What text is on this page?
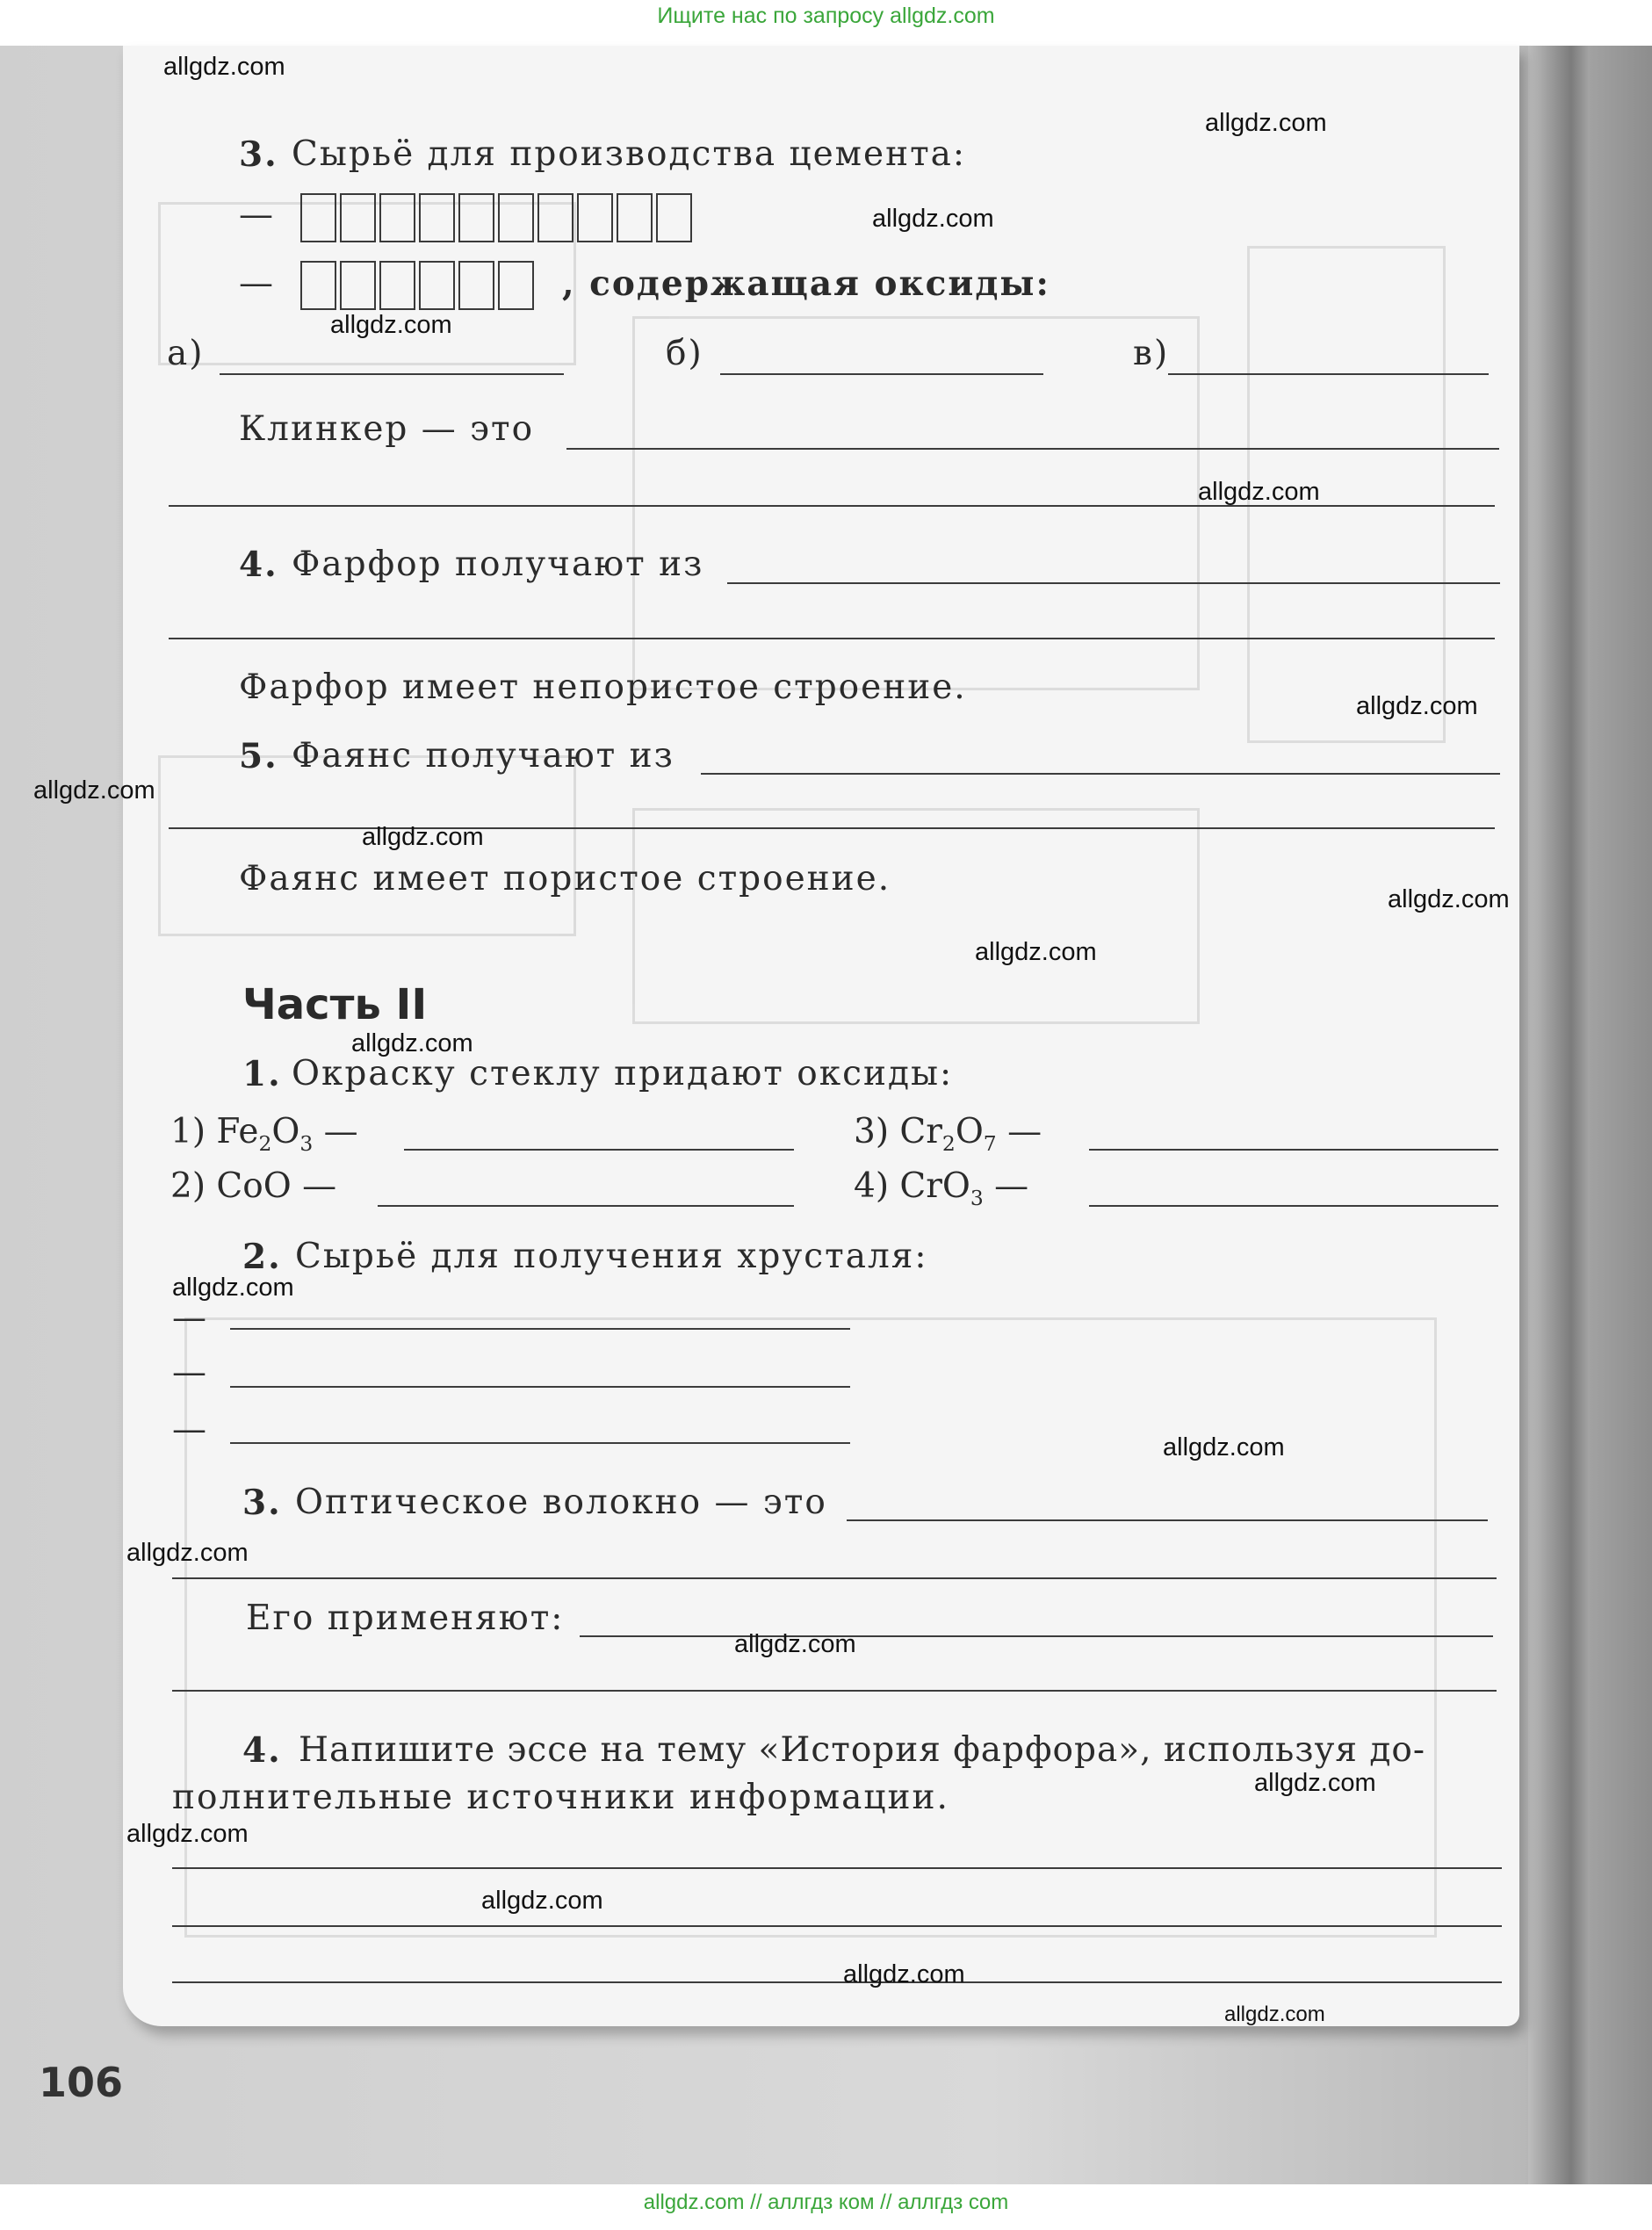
Ищите нас по запросу allgdz.com
106
3. Сырьё для производства цемента:
—
—	, содержащая оксиды:
а)	б)	в)
Клинкер — это
4. Фарфор получают из
Фарфор имеет непористое строение.
5. Фаянс получают из
Фаянс имеет пористое строение.
Часть II
1. Окраску стеклу придают оксиды:
1) $Fe_2O_3$ —	3) $Cr_2O_7$ —
2) CoO —	4) CrO$_3$ —
2. Сырьё для получения хрусталя:
—
—
—
3. Оптическое волокно — это
Его применяют:
4. Напишите эссе на тему «История фарфора», используя до-
полнительные источники информации.
allgdz.com
allgdz.com
allgdz.com
allgdz.com
allgdz.com
allgdz.com
allgdz.com
allgdz.com
allgdz.com
allgdz.com
allgdz.com
allgdz.com
allgdz.com
allgdz.com
allgdz.com
allgdz.com
allgdz.com
allgdz.com
allgdz.com
allgdz.com
allgdz.com // аллгдз ком // аллгдз com
